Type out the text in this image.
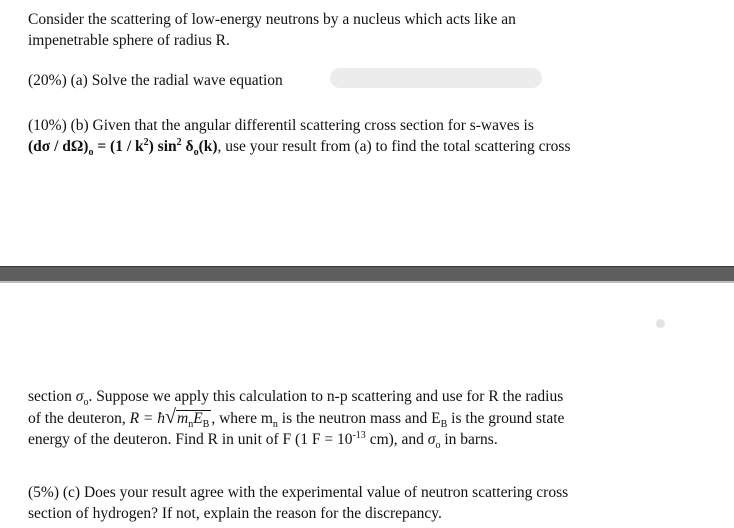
Consider the scattering of low-energy neutrons by a nucleus which acts like an
impenetrable sphere of radius R.
(20%) (a) Solve the radial wave equation
(10%) (b) Given that the angular differentil scattering cross section for s-waves is
$(d\sigma / d\Omega)_o = (1 / k^2)$ $\sin^2 \delta_o(k)$, use your result from (a) to find the total scattering cross
section $\sigma_o$. Suppose we apply this calculation to n-p scattering and use for R the radius
of the deuteron, $R = ħ√m_nE_B$ , where $m_n$ is the neutron mass and $E_B$ is the ground state
energy of the deuteron. Find R in unit of F (1 $F = 10^{-13}$ cm), and $\sigma_o$ in barns.
(5%) (c) Does your result agree with the experimental value of neutron scattering cross
section of hydrogen? If not, explain the reason for the discrepancy.
